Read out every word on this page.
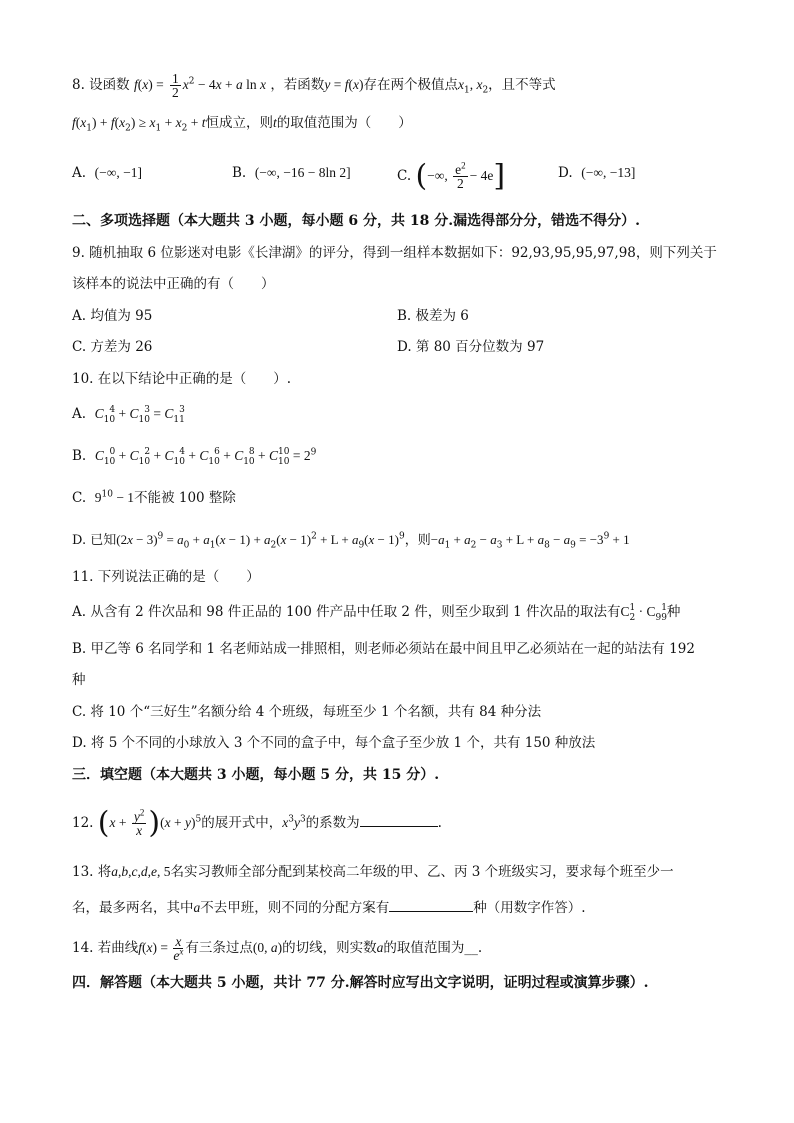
8. 设函数 $f(x) = \frac{1}{2} x^2 - 4x + a$ ln x ，若函数y = f(x)存在两个极值点$x_1$, $x_2$，且不等式
$f(x_1) + f(x_2) \ge x_1 + x_2 + t$恒成立，则t的取值范围为（　　）
A. (−∞, −1]	B. (−∞, −16 − 8ln 2]	C. (−∞, $\frac{e^2}{2} - 4e$]	D. (−∞, −13]
二、多项选择题（本大题共 3 小题，每小题 6 分，共 18 分.漏选得部分分，错选不得分）.
9. 随机抽取 6 位影迷对电影《长津湖》的评分，得到一组样本数据如下：92,93,95,95,97,98，则下列关于
该样本的说法中正确的有（　　）
A. 均值为 95	B. 极差为 6
C. 方差为 26	D. 第 80 百分位数为 97
10. 在以下结论中正确的是（　　）.
A. C 4
10 + C 3
10 = C 3
11
B. C 0
10 + C 2
10 + C 4
10 + C 6
10 + C 8
10 + C 10
$10 = 2^9$
C. $9^{10} - 1$不能被 100 整除
D. 已知$(2x - 3)^9 = a_0 + a_1(x - 1) + a_2(x - 1)^2 + L + a_9(x - 1)^9$，则$-a_1 + a_2 - a_3 + L + a_8 - a_9 = -3^9 + 1$
11. 下列说法正确的是（　　）
A. 从含有 2 件次品和 98 件正品的 100 件产品中任取 2 件，则至少取到 1 件次品的取法有C 1
2 · C 1
99 种
B. 甲乙等 6 名同学和 1 名老师站成一排照相，则老师必须站在最中间且甲乙必须站在一起的站法有 192
种
C. 将 10 个“三好生”名额分给 4 个班级，每班至少 1 个名额，共有 84 种分法
D. 将 5 个不同的小球放入 3 个不同的盒子中，每个盒子至少放 1 个，共有 150 种放法
三．填空题（本大题共 3 小题，每小题 5 分，共 15 分）.
12. $(x + \frac{y^2}{x} )(x + y)^5$的展开式中，$x^3y^3$的系数为	.
13. 将a,b,c,d,e, 5名实习教师全部分配到某校高二年级的甲、乙、丙 3 个班级实习，要求每个班至少一
名，最多两名，其中a不去甲班，则不同的分配方案有	种（用数字作答）.
14. 若曲线$f(x) = \frac{x}{e^x}$ 有三条过点(0, a)的切线，则实数a的取值范围为__.
四．解答题（本大题共 5 小题，共计 77 分.解答时应写出文字说明，证明过程或演算步骤）.
